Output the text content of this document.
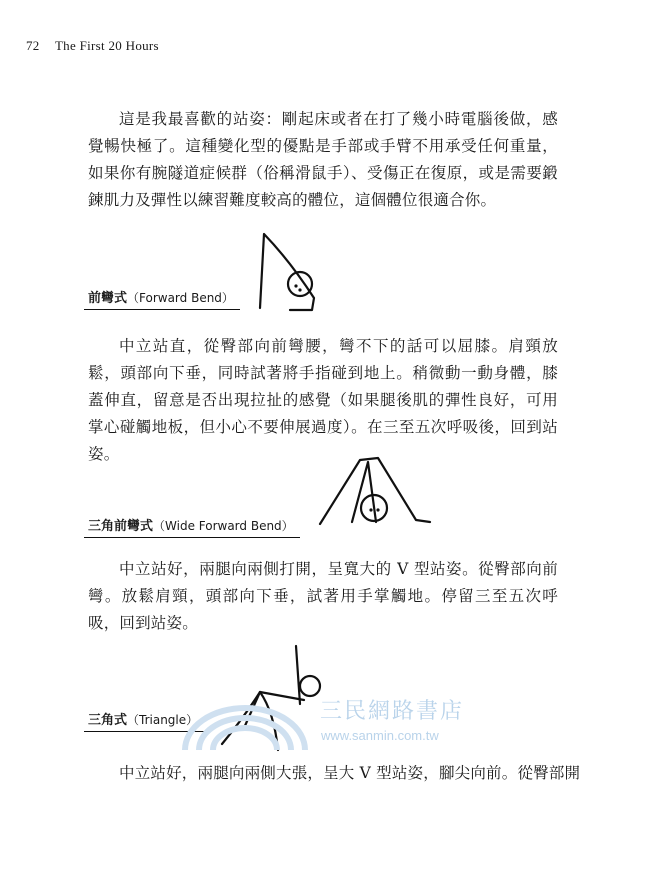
72 The First 20 Hours

這是我最喜歡的站姿：剛起床或者在打了幾小時電腦後做，感覺暢快極了。這種變化型的優點是手部或手臂不用承受任何重量，如果你有腕隧道症候群（俗稱滑鼠手）、受傷正在復原，或是需要鍛鍊肌力及彈性以練習難度較高的體位，這個體位很適合你。

前彎式（Forward Bend）

中立站直，從臀部向前彎腰，彎不下的話可以屈膝。肩頸放鬆，頭部向下垂，同時試著將手指碰到地上。稍微動一動身體，膝蓋伸直，留意是否出現拉扯的感覺（如果腿後肌的彈性良好，可用掌心碰觸地板，但小心不要伸展過度）。在三至五次呼吸後，回到站姿。

三角前彎式（Wide Forward Bend）

中立站好，兩腿向兩側打開，呈寬大的 V 型站姿。從臀部向前彎。放鬆肩頸，頭部向下垂，試著用手掌觸地。停留三至五次呼吸，回到站姿。

三角式（Triangle）	三民網路書店
www.sanmin.com.tw

中立站好，兩腿向兩側大張，呈大 V 型站姿，腳尖向前。從臀部開
